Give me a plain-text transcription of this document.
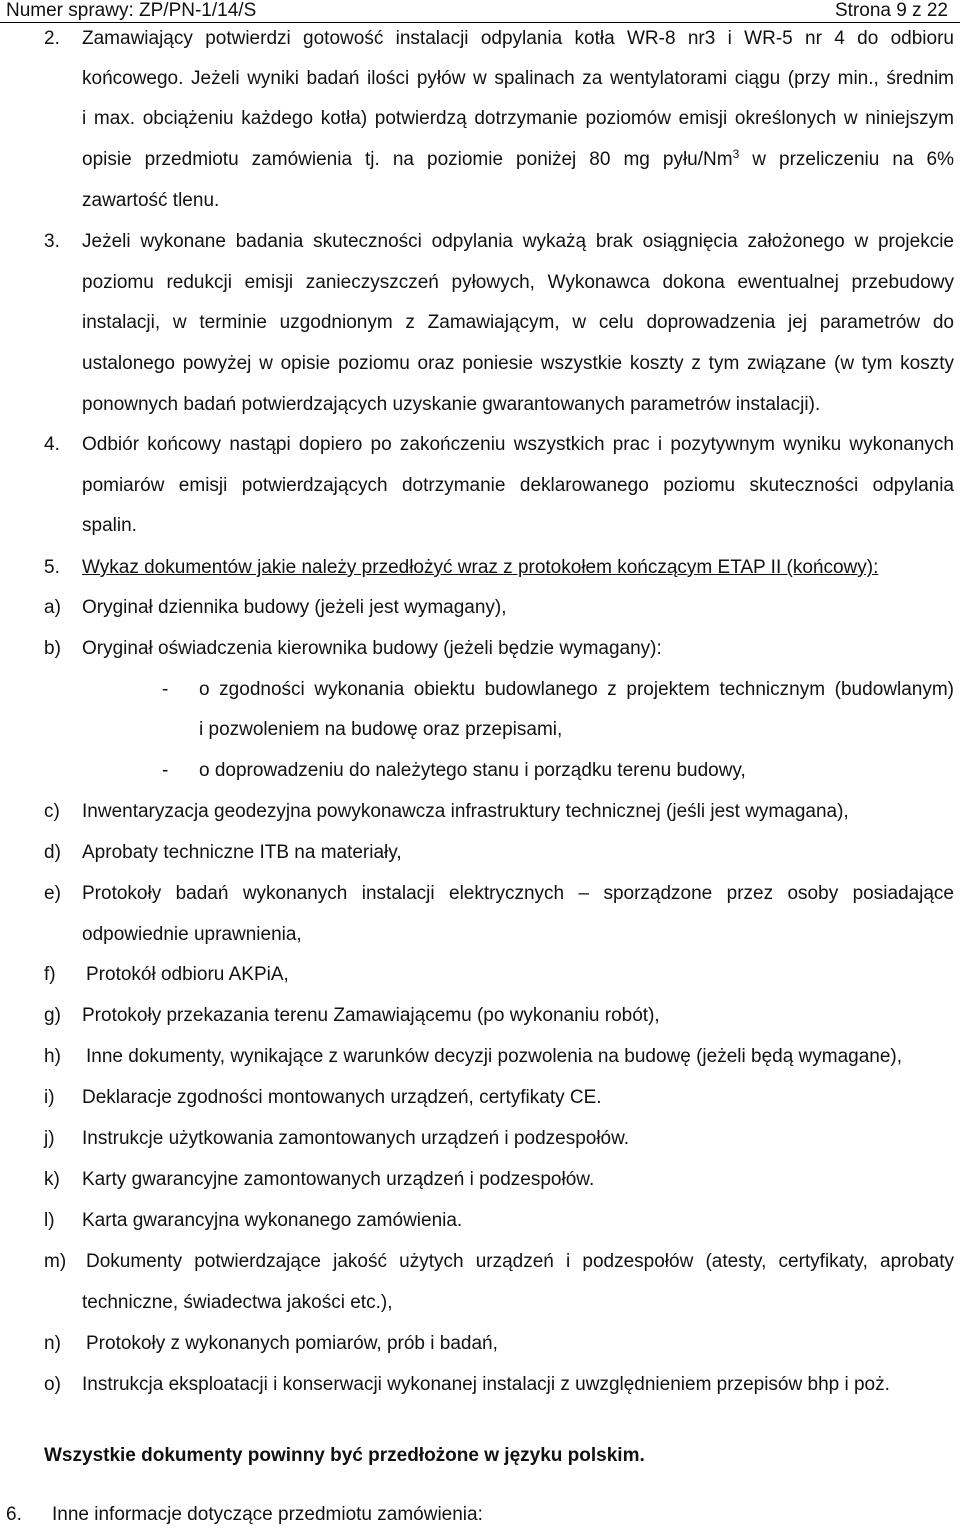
Numer sprawy: ZP/PN-1/14/S	Strona 9 z 22
2. Zamawiający potwierdzi gotowość instalacji odpylania kotła WR-8 nr3 i WR-5 nr 4 do odbioru
końcowego. Jeżeli wyniki badań ilości pyłów w spalinach za wentylatorami ciągu (przy min., średnim
i max. obciążeniu każdego kotła) potwierdzą dotrzymanie poziomów emisji określonych w niniejszym
opisie przedmiotu zamówienia tj. na poziomie poniżej 80 mg pyłu/Nm$^3$ w przeliczeniu na 6%
zawartość tlenu.
3. Jeżeli wykonane badania skuteczności odpylania wykażą brak osiągnięcia założonego w projekcie
poziomu redukcji emisji zanieczyszczeń pyłowych, Wykonawca dokona ewentualnej przebudowy
instalacji, w terminie uzgodnionym z Zamawiającym, w celu doprowadzenia jej parametrów do
ustalonego powyżej w opisie poziomu oraz poniesie wszystkie koszty z tym związane (w tym koszty
ponownych badań potwierdzających uzyskanie gwarantowanych parametrów instalacji).
4. Odbiór końcowy nastąpi dopiero po zakończeniu wszystkich prac i pozytywnym wyniku wykonanych
pomiarów emisji potwierdzających dotrzymanie deklarowanego poziomu skuteczności odpylania
spalin.
5. Wykaz dokumentów jakie należy przedłożyć wraz z protokołem kończącym ETAP II (końcowy):
a) Oryginał dziennika budowy (jeżeli jest wymagany),
b) Oryginał oświadczenia kierownika budowy (jeżeli będzie wymagany):
- o zgodności wykonania obiektu budowlanego z projektem technicznym (budowlanym)
i pozwoleniem na budowę oraz przepisami,
- o doprowadzeniu do należytego stanu i porządku terenu budowy,
c) Inwentaryzacja geodezyjna powykonawcza infrastruktury technicznej (jeśli jest wymagana),
d) Aprobaty techniczne ITB na materiały,
e) Protokoły badań wykonanych instalacji elektrycznych – sporządzone przez osoby posiadające
odpowiednie uprawnienia,
f) Protokół odbioru AKPiA,
g) Protokoły przekazania terenu Zamawiającemu (po wykonaniu robót),
h) Inne dokumenty, wynikające z warunków decyzji pozwolenia na budowę (jeżeli będą wymagane),
i) Deklaracje zgodności montowanych urządzeń, certyfikaty CE.
j) Instrukcje użytkowania zamontowanych urządzeń i podzespołów.
k) Karty gwarancyjne zamontowanych urządzeń i podzespołów.
l) Karta gwarancyjna wykonanego zamówienia.
m) Dokumenty potwierdzające jakość użytych urządzeń i podzespołów (atesty, certyfikaty, aprobaty
techniczne, świadectwa jakości etc.),
n) Protokoły z wykonanych pomiarów, prób i badań,
o) Instrukcja eksploatacji i konserwacji wykonanej instalacji z uwzględnieniem przepisów bhp i poż.
Wszystkie dokumenty powinny być przedłożone w języku polskim.
6. Inne informacje dotyczące przedmiotu zamówienia:
